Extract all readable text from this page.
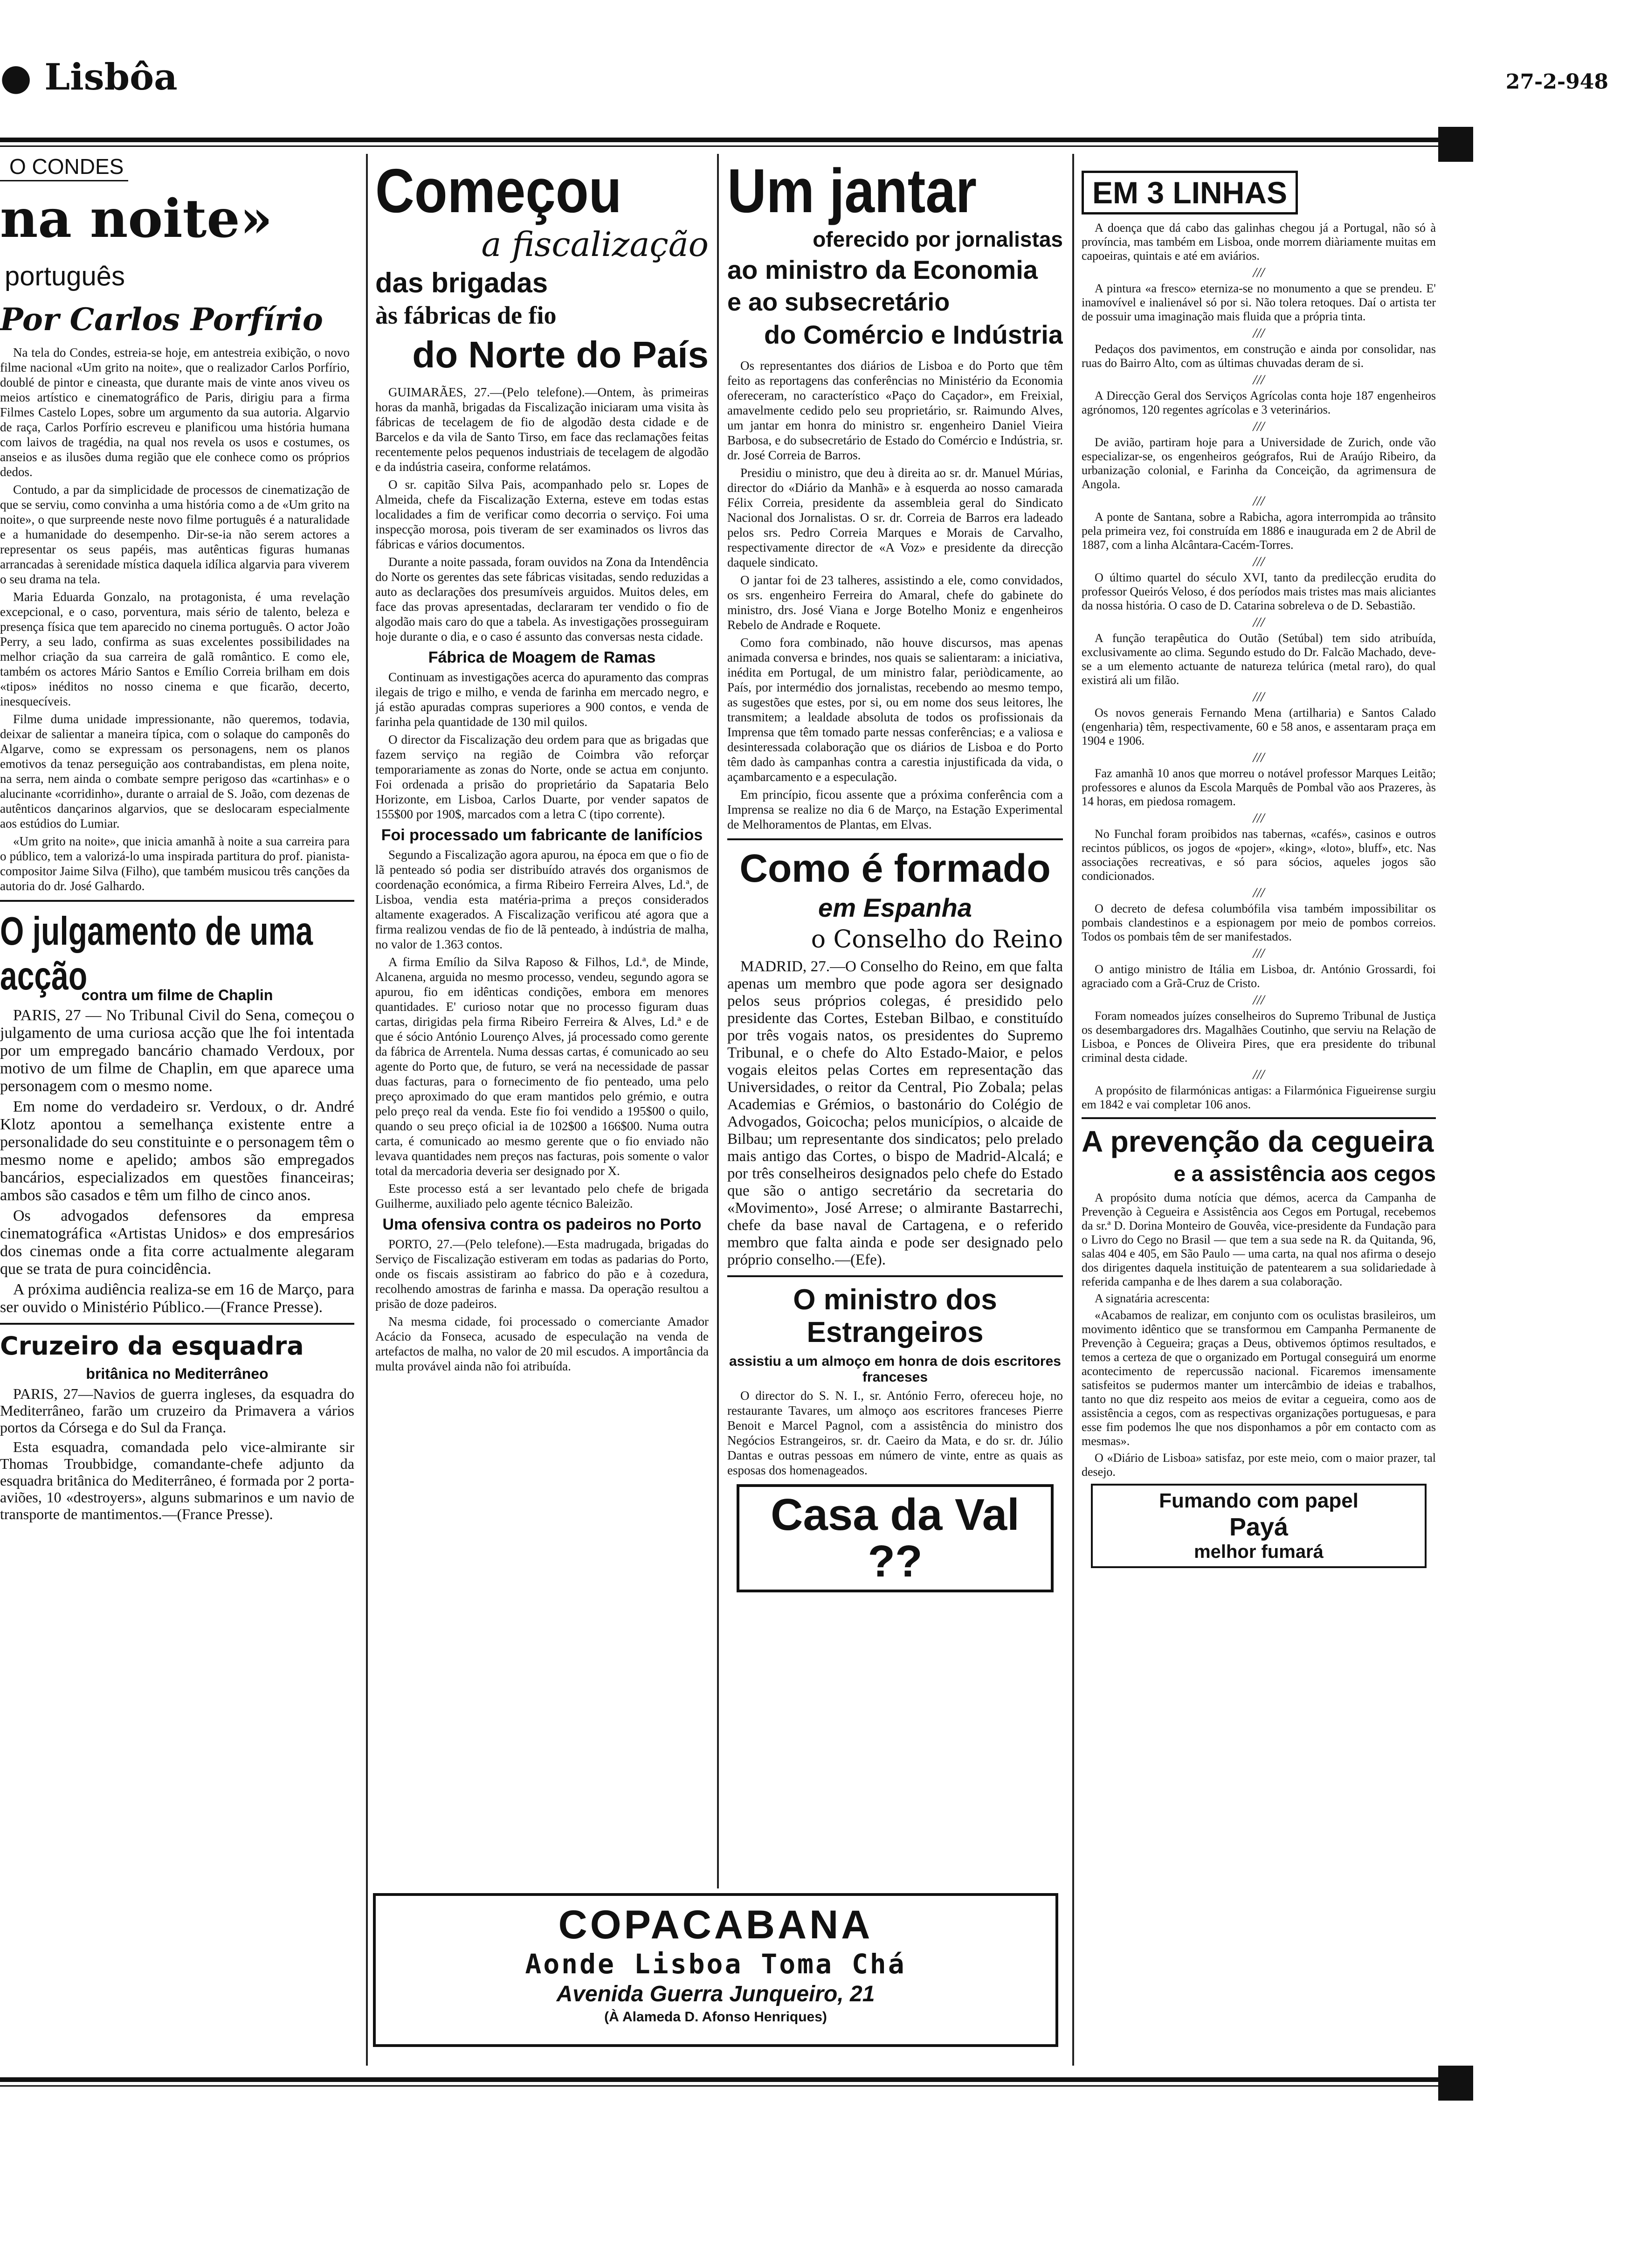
● Lisbôa	27-2-948
O CONDES
na noite»
português
Por Carlos Porfírio

Na tela do Condes, estreia-se hoje, em antestreia exibição, o novo filme nacional «Um grito na noite», que o realizador Carlos Porfírio, doublé de pintor e cineasta, que durante mais de vinte anos viveu os meios artístico e cinematográfico de Paris, dirigiu para a firma Filmes Castelo Lopes, sobre um argumento da sua autoria. Algarvio de raça, Carlos Porfírio escreveu e planificou uma história humana com laivos de tragédia, na qual nos revela os usos e costumes, os anseios e as ilusões duma região que ele conhece como os próprios dedos.

Contudo, a par da simplicidade de processos de cinematização de que se serviu, como convinha a uma história como a de «Um grito na noite», o que surpreende neste novo filme português é a naturalidade e a humanidade do desempenho. Dir-se-ia não serem actores a representar os seus papéis, mas autênticas figuras humanas arrancadas à serenidade mística daquela idílica algarvia para viverem o seu drama na tela.

Maria Eduarda Gonzalo, na protagonista, é uma revelação excepcional, e o caso, porventura, mais sério de talento, beleza e presença física que tem aparecido no cinema português. O actor João Perry, a seu lado, confirma as suas excelentes possibilidades na melhor criação da sua carreira de galã romântico. E como ele, também os actores Mário Santos e Emílio Correia brilham em dois «tipos» inéditos no nosso cinema e que ficarão, decerto, inesquecíveis.

Filme duma unidade impressionante, não queremos, todavia, deixar de salientar a maneira típica, com o solaque do camponês do Algarve, como se expressam os personagens, nem os planos emotivos da tenaz perseguição aos contrabandistas, em plena noite, na serra, nem ainda o combate sempre perigoso das «cartinhas» e o alucinante «corridinho», durante o arraial de S. João, com dezenas de autênticos dançarinos algarvios, que se deslocaram especialmente aos estúdios do Lumiar.

«Um grito na noite», que inicia amanhã à noite a sua carreira para o público, tem a valorizá-lo uma inspirada partitura do prof. pianista-compositor Jaime Silva (Filho), que também musicou três canções da autoria do dr. José Galhardo.

O julgamento de uma acção
contra um filme de Chaplin

PARIS, 27 — No Tribunal Civil do Sena, começou o julgamento de uma curiosa acção que lhe foi intentada por um empregado bancário chamado Verdoux, por motivo de um filme de Chaplin, em que aparece uma personagem com o mesmo nome.

Em nome do verdadeiro sr. Verdoux, o dr. André Klotz apontou a semelhança existente entre a personalidade do seu constituinte e o personagem têm o mesmo nome e apelido; ambos são empregados bancários, especializados em questões financeiras; ambos são casados e têm um filho de cinco anos.

Os advogados defensores da empresa cinematográfica «Artistas Unidos» e dos empresários dos cinemas onde a fita corre actualmente alegaram que se trata de pura coincidência.

A próxima audiência realiza-se em 16 de Março, para ser ouvido o Ministério Público.—(France Presse).

Cruzeiro da esquadra
britânica no Mediterrâneo

PARIS, 27—Navios de guerra ingleses, da esquadra do Mediterrâneo, farão um cruzeiro da Primavera a vários portos da Córsega e do Sul da França.

Esta esquadra, comandada pelo vice-almirante sir Thomas Troubbidge, comandante-chefe adjunto da esquadra britânica do Mediterrâneo, é formada por 2 porta-aviões, 10 «destroyers», alguns submarinos e um navio de transporte de mantimentos.—(France Presse).

Começou
a fiscalização
das brigadas
às fábricas de fio
do Norte do País

GUIMARÃES, 27.—(Pelo telefone).—Ontem, às primeiras horas da manhã, brigadas da Fiscalização iniciaram uma visita às fábricas de tecelagem de fio de algodão desta cidade e de Barcelos e da vila de Santo Tirso, em face das reclamações feitas recentemente pelos pequenos industriais de tecelagem de algodão e da indústria caseira, conforme relatámos.

O sr. capitão Silva Pais, acompanhado pelo sr. Lopes de Almeida, chefe da Fiscalização Externa, esteve em todas estas localidades a fim de verificar como decorria o serviço. Foi uma inspecção morosa, pois tiveram de ser examinados os livros das fábricas e vários documentos.

Durante a noite passada, foram ouvidos na Zona da Intendência do Norte os gerentes das sete fábricas visitadas, sendo reduzidas a auto as declarações dos presumíveis arguidos. Muitos deles, em face das provas apresentadas, declararam ter vendido o fio de algodão mais caro do que a tabela. As investigações prosseguiram hoje durante o dia, e o caso é assunto das conversas nesta cidade.

Fábrica de Moagem de Ramas

Continuam as investigações acerca do apuramento das compras ilegais de trigo e milho, e venda de farinha em mercado negro, e já estão apuradas compras superiores a 900 contos, e venda de farinha pela quantidade de 130 mil quilos.

O director da Fiscalização deu ordem para que as brigadas que fazem serviço na região de Coimbra vão reforçar temporariamente as zonas do Norte, onde se actua em conjunto. Foi ordenada a prisão do proprietário da Sapataria Belo Horizonte, em Lisboa, Carlos Duarte, por vender sapatos de 155$00 por 190$, marcados com a letra C (tipo corrente).

Foi processado um fabricante de lanifícios

Segundo a Fiscalização agora apurou, na época em que o fio de lã penteado só podia ser distribuído através dos organismos de coordenação económica, a firma Ribeiro Ferreira Alves, Ld.ª, de Lisboa, vendia esta matéria-prima a preços considerados altamente exagerados. A Fiscalização verificou até agora que a firma realizou vendas de fio de lã penteado, à indústria de malha, no valor de 1.363 contos.

A firma Emílio da Silva Raposo & Filhos, Ld.ª, de Minde, Alcanena, arguida no mesmo processo, vendeu, segundo agora se apurou, fio em idênticas condições, embora em menores quantidades. E' curioso notar que no processo figuram duas cartas, dirigidas pela firma Ribeiro Ferreira & Alves, Ld.ª e de que é sócio António Lourenço Alves, já processado como gerente da fábrica de Arrentela. Numa dessas cartas, é comunicado ao seu agente do Porto que, de futuro, se verá na necessidade de passar duas facturas, para o fornecimento de fio penteado, uma pelo preço aproximado do que eram mantidos pelo grémio, e outra pelo preço real da venda. Este fio foi vendido a 195$00 o quilo, quando o seu preço oficial ia de 102$00 a 166$00. Numa outra carta, é comunicado ao mesmo gerente que o fio enviado não levava quantidades nem preços nas facturas, pois somente o valor total da mercadoria deveria ser designado por X.

Este processo está a ser levantado pelo chefe de brigada Guilherme, auxiliado pelo agente técnico Baleizão.

Uma ofensiva contra os padeiros no Porto

PORTO, 27.—(Pelo telefone).—Esta madrugada, brigadas do Serviço de Fiscalização estiveram em todas as padarias do Porto, onde os fiscais assistiram ao fabrico do pão e à cozedura, recolhendo amostras de farinha e massa. Da operação resultou a prisão de doze padeiros.

Na mesma cidade, foi processado o comerciante Amador Acácio da Fonseca, acusado de especulação na venda de artefactos de malha, no valor de 20 mil escudos. A importância da multa provável ainda não foi atribuída.

Um jantar
oferecido por jornalistas
ao ministro da Economia
e ao subsecretário
do Comércio e Indústria

Os representantes dos diários de Lisboa e do Porto que têm feito as reportagens das conferências no Ministério da Economia ofereceram, no característico «Paço do Caçador», em Freixial, amavelmente cedido pelo seu proprietário, sr. Raimundo Alves, um jantar em honra do ministro sr. engenheiro Daniel Vieira Barbosa, e do subsecretário de Estado do Comércio e Indústria, sr. dr. José Correia de Barros.

Presidiu o ministro, que deu à direita ao sr. dr. Manuel Múrias, director do «Diário da Manhã» e à esquerda ao nosso camarada Félix Correia, presidente da assembleia geral do Sindicato Nacional dos Jornalistas. O sr. dr. Correia de Barros era ladeado pelos srs. Pedro Correia Marques e Morais de Carvalho, respectivamente director de «A Voz» e presidente da direcção daquele sindicato.

O jantar foi de 23 talheres, assistindo a ele, como convidados, os srs. engenheiro Ferreira do Amaral, chefe do gabinete do ministro, drs. José Viana e Jorge Botelho Moniz e engenheiros Rebelo de Andrade e Roquete.

Como fora combinado, não houve discursos, mas apenas animada conversa e brindes, nos quais se salientaram: a iniciativa, inédita em Portugal, de um ministro falar, periòdicamente, ao País, por intermédio dos jornalistas, recebendo ao mesmo tempo, as sugestões que estes, por si, ou em nome dos seus leitores, lhe transmitem; a lealdade absoluta de todos os profissionais da Imprensa que têm tomado parte nessas conferências; e a valiosa e desinteressada colaboração que os diários de Lisboa e do Porto têm dado às campanhas contra a carestia injustificada da vida, o açambarcamento e a especulação.

Em princípio, ficou assente que a próxima conferência com a Imprensa se realize no dia 6 de Março, na Estação Experimental de Melhoramentos de Plantas, em Elvas.

Como é formado
em Espanha
o Conselho do Reino

MADRID, 27.—O Conselho do Reino, em que falta apenas um membro que pode agora ser designado pelos seus próprios colegas, é presidido pelo presidente das Cortes, Esteban Bilbao, e constituído por três vogais natos, os presidentes do Supremo Tribunal, e o chefe do Alto Estado-Maior, e pelos vogais eleitos pelas Cortes em representação das Universidades, o reitor da Central, Pio Zobala; pelas Academias e Grémios, o bastonário do Colégio de Advogados, Goicocha; pelos municípios, o alcaide de Bilbau; um representante dos sindicatos; pelo prelado mais antigo das Cortes, o bispo de Madrid-Alcalá; e por três conselheiros designados pelo chefe do Estado que são o antigo secretário da secretaria do «Movimento», José Arrese; o almirante Bastarrechi, chefe da base naval de Cartagena, e o referido membro que falta ainda e pode ser designado pelo próprio conselho.—(Efe).

O ministro dos Estrangeiros
assistiu a um almoço em honra de dois escritores franceses

O director do S. N. I., sr. António Ferro, ofereceu hoje, no restaurante Tavares, um almoço aos escritores franceses Pierre Benoit e Marcel Pagnol, com a assistência do ministro dos Negócios Estrangeiros, sr. dr. Caeiro da Mata, e do sr. dr. Júlio Dantas e outras pessoas em número de vinte, entre as quais as esposas dos homenageados.

Casa da Val ??
EM 3 LINHAS

A doença que dá cabo das galinhas chegou já a Portugal, não só à província, mas também em Lisboa, onde morrem diàriamente muitas em capoeiras, quintais e até em aviários.

///

A pintura «a fresco» eterniza-se no monumento a que se prendeu. E' inamovível e inalienável só por si. Não tolera retoques. Daí o artista ter de possuir uma imaginação mais fluida que a própria tinta.

///

Pedaços dos pavimentos, em construção e ainda por consolidar, nas ruas do Bairro Alto, com as últimas chuvadas deram de si.

///

A Direcção Geral dos Serviços Agrícolas conta hoje 187 engenheiros agrónomos, 120 regentes agrícolas e 3 veterinários.

///

De avião, partiram hoje para a Universidade de Zurich, onde vão especializar-se, os engenheiros geógrafos, Rui de Araújo Ribeiro, da urbanização colonial, e Farinha da Conceição, da agrimensura de Angola.

///

A ponte de Santana, sobre a Rabicha, agora interrompida ao trânsito pela primeira vez, foi construída em 1886 e inaugurada em 2 de Abril de 1887, com a linha Alcântara-Cacém-Torres.

///

O último quartel do século XVI, tanto da predilecção erudita do professor Queirós Veloso, é dos períodos mais tristes mas mais aliciantes da nossa história. O caso de D. Catarina sobreleva o de D. Sebastião.

///

A função terapêutica do Outão (Setúbal) tem sido atribuída, exclusivamente ao clima. Segundo estudo do Dr. Falcão Machado, deve-se a um elemento actuante de natureza telúrica (metal raro), do qual existirá ali um filão.

///

Os novos generais Fernando Mena (artilharia) e Santos Calado (engenharia) têm, respectivamente, 60 e 58 anos, e assentaram praça em 1904 e 1906.

///

Faz amanhã 10 anos que morreu o notável professor Marques Leitão; professores e alunos da Escola Marquês de Pombal vão aos Prazeres, às 14 horas, em piedosa romagem.

///

No Funchal foram proibidos nas tabernas, «cafés», casinos e outros recintos públicos, os jogos de «pojer», «king», «loto», bluff», etc. Nas associações recreativas, e só para sócios, aqueles jogos são condicionados.

///

O decreto de defesa columbófila visa também impossibilitar os pombais clandestinos e a espionagem por meio de pombos correios. Todos os pombais têm de ser manifestados.

///

O antigo ministro de Itália em Lisboa, dr. António Grossardi, foi agraciado com a Grã-Cruz de Cristo.

///

Foram nomeados juízes conselheiros do Supremo Tribunal de Justiça os desembargadores drs. Magalhães Coutinho, que serviu na Relação de Lisboa, e Ponces de Oliveira Pires, que era presidente do tribunal criminal desta cidade.

///

A propósito de filarmónicas antigas: a Filarmónica Figueirense surgiu em 1842 e vai completar 106 anos.

A prevenção da cegueira
e a assistência aos cegos

A propósito duma notícia que démos, acerca da Campanha de Prevenção à Cegueira e Assistência aos Cegos em Portugal, recebemos da sr.ª D. Dorina Monteiro de Gouvêa, vice-presidente da Fundação para o Livro do Cego no Brasil — que tem a sua sede na R. da Quitanda, 96, salas 404 e 405, em São Paulo — uma carta, na qual nos afirma o desejo dos dirigentes daquela instituição de patentearem a sua solidariedade à referida campanha e de lhes darem a sua colaboração.

A signatária acrescenta:

«Acabamos de realizar, em conjunto com os oculistas brasileiros, um movimento idêntico que se transformou em Campanha Permanente de Prevenção à Cegueira; graças a Deus, obtivemos óptimos resultados, e temos a certeza de que o organizado em Portugal conseguirá um enorme acontecimento de repercussão nacional. Ficaremos imensamente satisfeitos se pudermos manter um intercâmbio de ideias e trabalhos, tanto no que diz respeito aos meios de evitar a cegueira, como aos de assistência a cegos, com as respectivas organizações portuguesas, e para esse fim podemos lhe que nos disponhamos a pôr em contacto com as mesmas».

O «Diário de Lisboa» satisfaz, por este meio, com o maior prazer, tal desejo.

Fumando com papel
Payá
melhor fumará
COPACABANA
Aonde Lisboa Toma Chá
Avenida Guerra Junqueiro, 21
(À Alameda D. Afonso Henriques)
